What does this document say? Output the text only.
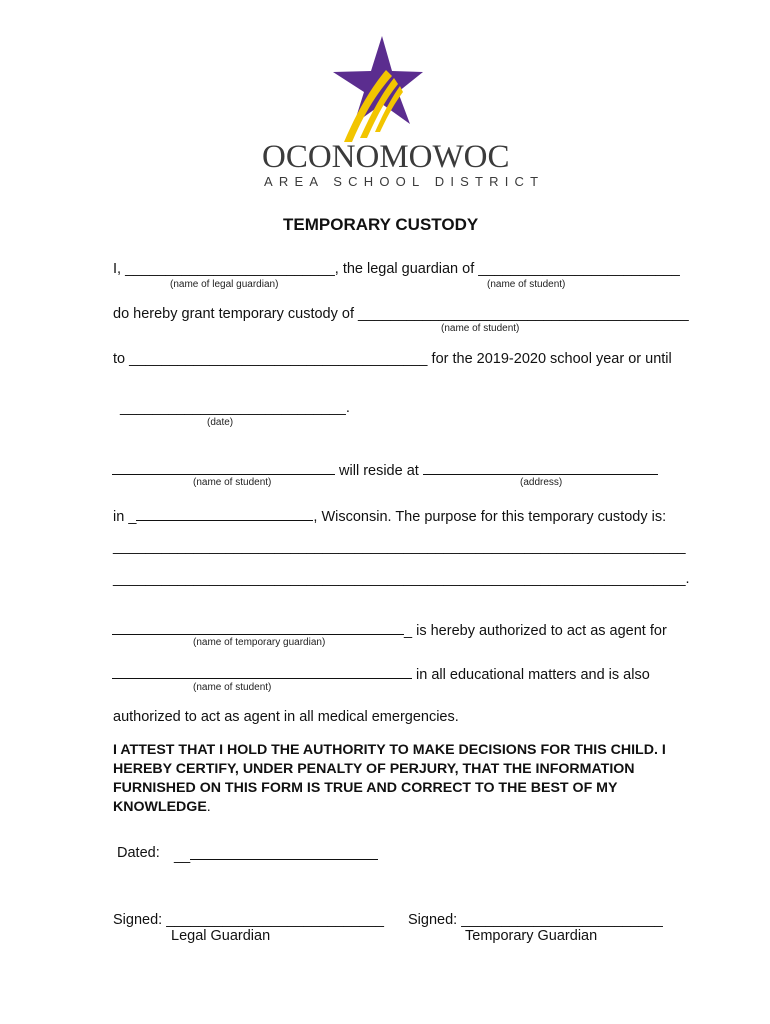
OCONOMOWOC
AREA SCHOOL DISTRICT
TEMPORARY CUSTODY
I, __________________________, the legal guardian of _________________________
(name of legal guardian)	(name of student)
do hereby grant temporary custody of _________________________________________
(name of student)
to _____________________________________ for the 2019-2020 school year or until
____________________________.
(date)
will reside at
(name of student)	(address)
in _	, Wisconsin. The purpose for this temporary custody is:
_______________________________________________________________________
_______________________________________________________________________.
_ is hereby authorized to act as agent for
(name of temporary guardian)
in all educational matters and is also
(name of student)
authorized to act as agent in all medical emergencies.
I ATTEST THAT I HOLD THE AUTHORITY TO MAKE DECISIONS FOR THIS CHILD. I HEREBY CERTIFY, UNDER PENALTY OF PERJURY, THAT THE INFORMATION FURNISHED ON THIS FORM IS TRUE AND CORRECT TO THE BEST OF MY KNOWLEDGE.
Dated: __
Signed: ___________________________
Legal Guardian
Signed: _________________________
Temporary Guardian
